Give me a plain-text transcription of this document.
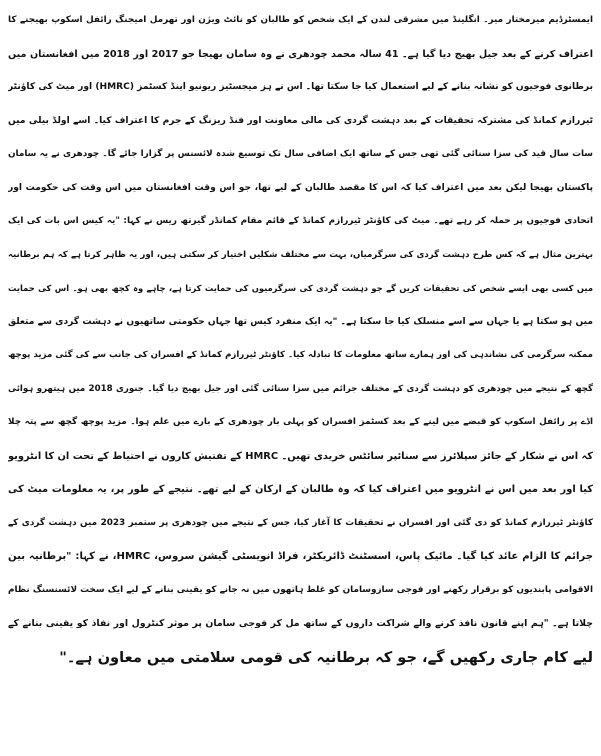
ایمسٹرڈیم میرمختار میر۔ انگلینڈ میں مشرقی لندن کے ایک شخص کو طالبان کو نائٹ ویژن اور تھرمل امیجنگ رائفل اسکوپ بھیجنے کا
اعتراف کرنے کے بعد جیل بھیج دیا گیا ہے۔ 41 سالہ محمد چودھری نے وہ سامان بھیجا جو 2017 اور 2018 میں افغانستان میں
برطانوی فوجیوں کو نشانہ بنانے کے لیے استعمال کیا جا سکتا تھا۔ اس نے ہز میجسٹیز ریونیو اینڈ کسٹمز (HMRC) اور میٹ کی کاؤنٹر
ٹیررازم کمانڈ کی مشترکہ تحقیقات کے بعد دہشت گردی کی مالی معاونت اور فنڈ ریزنگ کے جرم کا اعتراف کیا۔ اسے اولڈ بیلی میں
سات سال قید کی سزا سنائی گئی تھی جس کے ساتھ ایک اضافی سال تک توسیع شدہ لائسنس پر گزارا جائے گا۔ چودھری نے یہ سامان
پاکستان بھیجا لیکن بعد میں اعتراف کیا کہ اس کا مقصد طالبان کے لیے تھا، جو اس وقت افغانستان میں اس وقت کی حکومت اور
اتحادی فوجیوں پر حملہ کر رہے تھے۔ میٹ کی کاؤنٹر ٹیررازم کمانڈ کے قائم مقام کمانڈر گیرتھ ریس نے کہا: "یہ کیس اس بات کی ایک
بہترین مثال ہے کہ کس طرح دہشت گردی کی سرگرمیاں، بہت سے مختلف شکلیں اختیار کر سکتی ہیں، اور یہ ظاہر کرتا ہے کہ ہم برطانیہ
میں کسی بھی ایسے شخص کی تحقیقات کریں گے جو دہشت گردی کی سرگرمیوں کی حمایت کرتا ہے، چاہے وہ کچھ بھی ہو۔ اس کی حمایت
میں ہو سکتا ہے یا جہاں سے اسے منسلک کیا جا سکتا ہے۔ "یہ ایک منفرد کیس تھا جہاں حکومتی ساتھیوں نے دہشت گردی سے متعلق
ممکنہ سرگرمی کی نشاندہی کی اور ہمارے ساتھ معلومات کا تبادلہ کیا۔ کاؤنٹر ٹیررازم کمانڈ کے افسران کی جانب سے کی گئی مزید پوچھ
گچھ کے نتیجے میں چودھری کو دہشت گردی کے مختلف جرائم میں سزا سنائی گئی اور جیل بھیج دیا گیا۔ جنوری 2018 میں ہیتھرو ہوائی
اڈے پر رائفل اسکوپ کو قبضے میں لینے کے بعد کسٹمز افسران کو پہلی بار چودھری کے بارے میں علم ہوا۔ مزید پوچھ گچھ سے پتہ چلا
کہ اس نے شکار کے جائز سپلائرز سے سنائپر سائٹس خریدی تھیں۔ HMRC کے تفتیش کاروں نے احتیاط کے تحت ان کا انٹرویو
کیا اور بعد میں اس نے انٹرویو میں اعتراف کیا کہ وہ طالبان کے ارکان کے لیے تھے۔ نتیجے کے طور پر، یہ معلومات میٹ کی
کاؤنٹر ٹیررازم کمانڈ کو دی گئی اور افسران نے تحقیقات کا آغاز کیا، جس کے نتیجے میں چودھری پر ستمبر 2023 میں دہشت گردی کے
جرائم کا الزام عائد کیا گیا۔ مائیک پاس، اسسٹنٹ ڈائریکٹر، فراڈ انویسٹی گیشن سروس، HMRC، نے کہا: "برطانیہ بین
الاقوامی پابندیوں کو برقرار رکھنے اور فوجی سازوسامان کو غلط ہاتھوں میں نہ جانے کو یقینی بنانے کے لیے ایک سخت لائسنسنگ نظام
چلاتا ہے۔ "ہم اپنے قانون نافذ کرنے والے شراکت داروں کے ساتھ مل کر فوجی سامان پر موثر کنٹرول اور نفاذ کو یقینی بنانے کے
لیے کام جاری رکھیں گے، جو کہ برطانیہ کی قومی سلامتی میں معاون ہے۔"
